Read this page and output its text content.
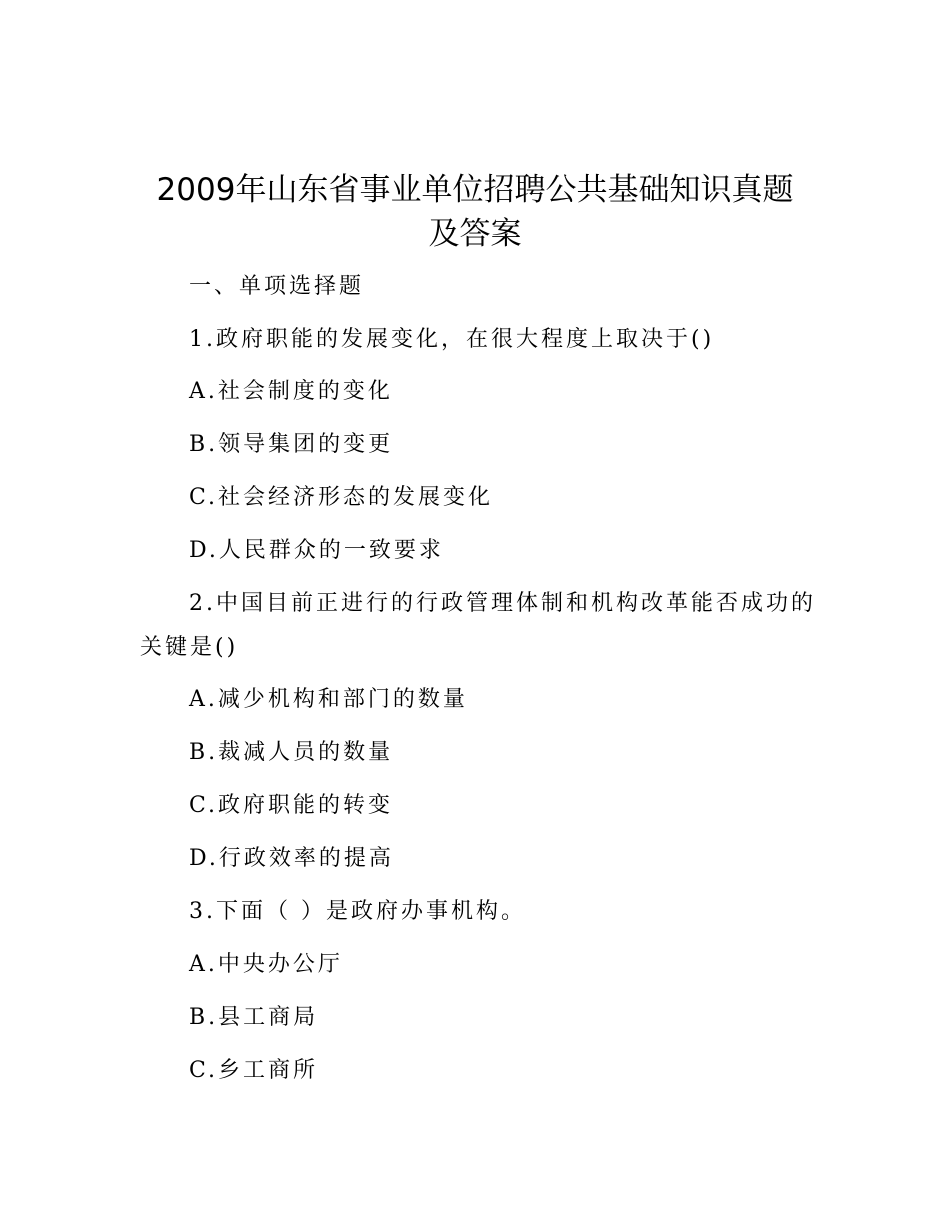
2009年山东省事业单位招聘公共基础知识真题
及答案
一、单项选择题
1.政府职能的发展变化，在很大程度上取决于()
A.社会制度的变化
B.领导集团的变更
C.社会经济形态的发展变化
D.人民群众的一致要求
2.中国目前正进行的行政管理体制和机构改革能否成功的
关键是()
A.减少机构和部门的数量
B.裁减人员的数量
C.政府职能的转变
D.行政效率的提高
3.下面（ ）是政府办事机构。
A.中央办公厅
B.县工商局
C.乡工商所
